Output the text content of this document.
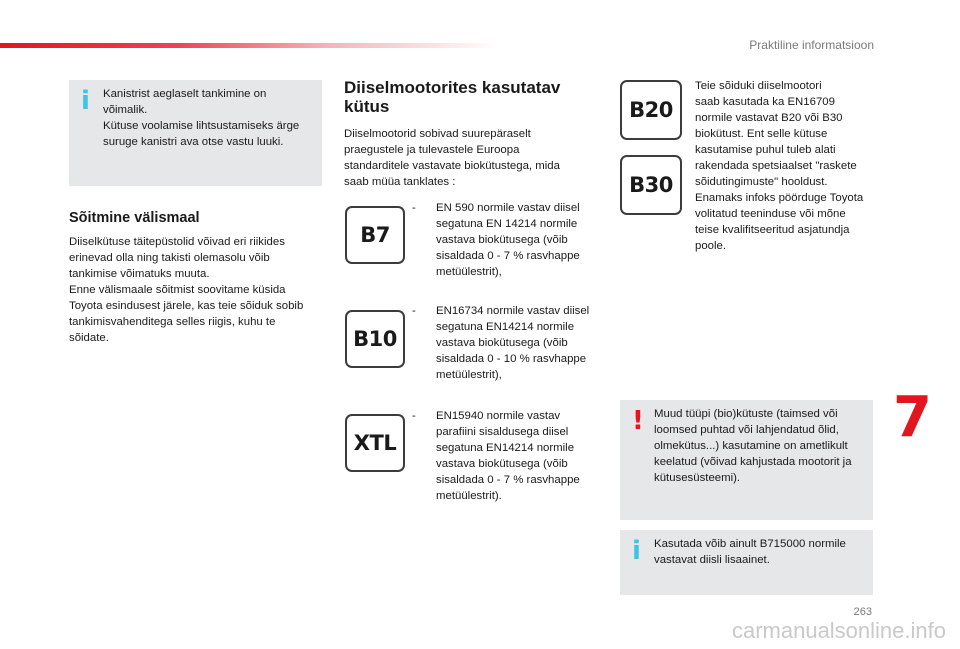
Praktiline informatsioon
i Kanistrist aeglaselt tankimine on
võimalik.
Kütuse voolamise lihtsustamiseks ärge
suruge kanistri ava otse vastu luuki.
Sõitmine välismaal
Diiselkütuse täitepüstolid võivad eri riikides
erinevad olla ning takisti olemasolu võib
tankimise võimatuks muuta.
Enne välismaale sõitmist soovitame küsida
Toyota esindusest järele, kas teie sõiduk sobib
tankimisvahenditega selles riigis, kuhu te
sõidate.
Diiselmootorites kasutatav
kütus
Diiselmootorid sobivad suurepäraselt
praegustele ja tulevastele Euroopa
standarditele vastavate biokütustega, mida
saab müüa tanklates :
B7
- EN 590 normile vastav diisel
segatuna EN 14214 normile
vastava biokütusega (võib
sisaldada 0 - 7 % rasvhappe
metüülestrit),
B10
- EN16734 normile vastav diisel
segatuna EN14214 normile
vastava biokütusega (võib
sisaldada 0 - 10 % rasvhappe
metüülestrit),
XTL
- EN15940 normile vastav
parafiini sisaldusega diisel
segatuna EN14214 normile
vastava biokütusega (võib
sisaldada 0 - 7 % rasvhappe
metüülestrit).
B20
B30
Teie sõiduki diiselmootori
saab kasutada ka EN16709
normile vastavat B20 või B30
biokütust. Ent selle kütuse
kasutamise puhul tuleb alati
rakendada spetsiaalset "raskete
sõidutingimuste" hooldust.
Enamaks infoks pöörduge Toyota
volitatud teeninduse või mõne
teise kvalifitseeritud asjatundja
poole.
! Muud tüüpi (bio)kütuste (taimsed või
loomsed puhtad või lahjendatud õlid,
olmekütus...) kasutamine on ametlikult
keelatud (võivad kahjustada mootorit ja
kütusesüsteemi).
i Kasutada võib ainult B715000 normile
vastavat diisli lisaainet.
7
263
carmanualsonline.info
